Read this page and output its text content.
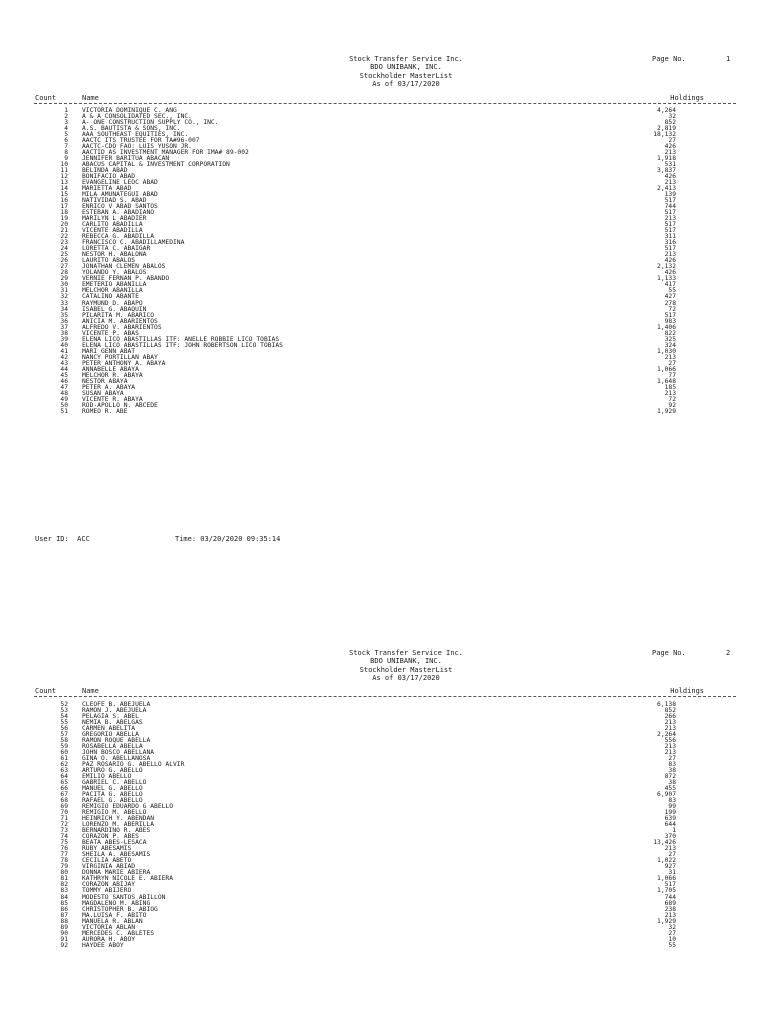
Stock Transfer Service Inc.
BDO UNIBANK, INC.
Stockholder MasterList
As of 03/17/2020
Page No.	1
Count	Name	Holdings
1 VICTORIA DOMINIQUE C. ANG	4,264
2 A & A CONSOLIDATED SEC., INC.	32
3 A- ONE CONSTRUCTION SUPPLY CO., INC.	852
4 A.S. BAUTISTA & SONS, INC.	2,819
5 AAA SOUTHEAST EQUITIES, INC.	18,132
6 AACTC ITS TRUSTEE FOR TA#96-007	27
7 AACTC-CDO FAO: LUIS YUSON JR.	426
8 AACTID AS INVESTMENT MANAGER FOR IMA# 89-002	213
9 JENNIFER BARITUA ABACAN	1,918
10 ABACUS CAPITAL & INVESTMENT CORPORATION	531
11 BELINDA ABAD	3,837
12 BONIFACIO ABAD	426
13 EVANGELINE LEOC ABAD	213
14 MARIETTA ABAD	2,413
15 MILA AMUNATEGUI ABAD	139
16 NATIVIDAD S. ABAD	517
17 ENRICO V ABAD SANTOS	744
18 ESTEBAN A. ABADIANO	517
19 MARILYN L ABADIER	213
20 CARLITO ABADILLA	517
21 VICENTE ABADILLA	517
22 REBECCA G. ABADILLA	311
23 FRANCISCO C. ABADILLAMEDINA	316
24 LORETTA C. ABAIGAR	517
25 NESTOR H. ABALONA	213
26 LAURITO ABALOS	426
27 JONATHAN CLEMEN ABALOS	2,132
28 YOLANDO Y. ABALOS	426
29 VERNIE FERNAN P. ABANDO	1,133
30 EMETERIO ABANILLA	417
31 MELCHOR ABANILLA	55
32 CATALINO ABANTE	427
33 RAYMUND D. ABAPO	278
34 ISABEL G. ABAQUIN	72
35 PILARITA M. ABARICO	517
36 ANICIA M. ABARIENTOS	983
37 ALFREDO V. ABARIENTOS	1,406
38 VICENTE P. ABAS	822
39 ELENA LICO ABASTILLAS ITF: ANELLE ROBBIE LICO TOBIAS	325
40 ELENA LICO ABASTILLAS ITF: JOHN ROBERTSON LICO TOBIAS	324
41 MARI GENN ABAT	1,030
42 NANCY PORTILLAN ABAY	213
43 PETER ANTHONY A. ABAYA	27
44 ANNABELLE ABAYA	1,066
45 MELCHOR R. ABAYA	77
46 NESTOR ABAYA	1,648
47 PETER A. ABAYA	185
48 SUSAN ABAYA	213
49 VICENTE R. ABAYA	72
50 ROD-APOLLO N. ABCEDE	92
51 ROMEO R. ABE	1,929
User ID:  ACC	Time: 03/20/2020 09:35:14
Stock Transfer Service Inc.
BDO UNIBANK, INC.
Stockholder MasterList
As of 03/17/2020
Page No.	2
Count	Name	Holdings
52 CLEOFE B. ABEJUELA	6,138
53 RAMON J. ABEJUELA	852
54 PELAGIA S. ABEL	266
55 NEMIA B. ABELGAS	213
56 CARMEN ABELITA	213
57 GREGORIO ABELLA	2,264
58 RAMON ROQUE ABELLA	556
59 ROSABELLA ABELLA	213
60 JOHN BOSCO ABELLANA	213
61 GINA O. ABELLANOSA	27
62 PAZ ROSARIO G. ABELLO ALVIR	83
63 ARTURO G. ABELLO	38
64 EMILIO ABELLO	872
65 GABRIEL C. ABELLO	38
66 MANUEL G. ABELLO	455
67 PACITA G. ABELLO	6,907
68 RAFAEL G. ABELLO	83
69 REMIGIO EDUARDO G ABELLO	99
70 REMIGIO M. ABELLO	199
71 HEINRICH Y. ABENDAN	639
72 LORENZO M. ABERILLA	644
73 BERNARDINO R. ABES	1
74 CORAZON P. ABES	370
75 BEATA ABES-LESACA	13,426
76 RUBY ABESAMIS	213
77 SHEILA A. ABESAMIS	27
78 CECILIA ABETO	1,022
79 VIRGINIA ABIAD	927
80 DONNA MARIE ABIERA	31
81 KATHRYN NICOLE E. ABIERA	1,066
82 CORAZON ABIJAY	517
83 TOMMY ABIJERO	1,705
84 MODESTO SANTOS ABILLON	744
85 MAGDALENO M. ABING	689
86 CHRISTOPHER B. ABIOG	238
87 MA.LUISA F. ABITO	213
88 MANUELA R. ABLAN	1,929
89 VICTORIA ABLAN	32
90 MERCEDES C. ABLETES	27
91 AURORA H. ABOY	10
92 HAYDEE ABOY	55
